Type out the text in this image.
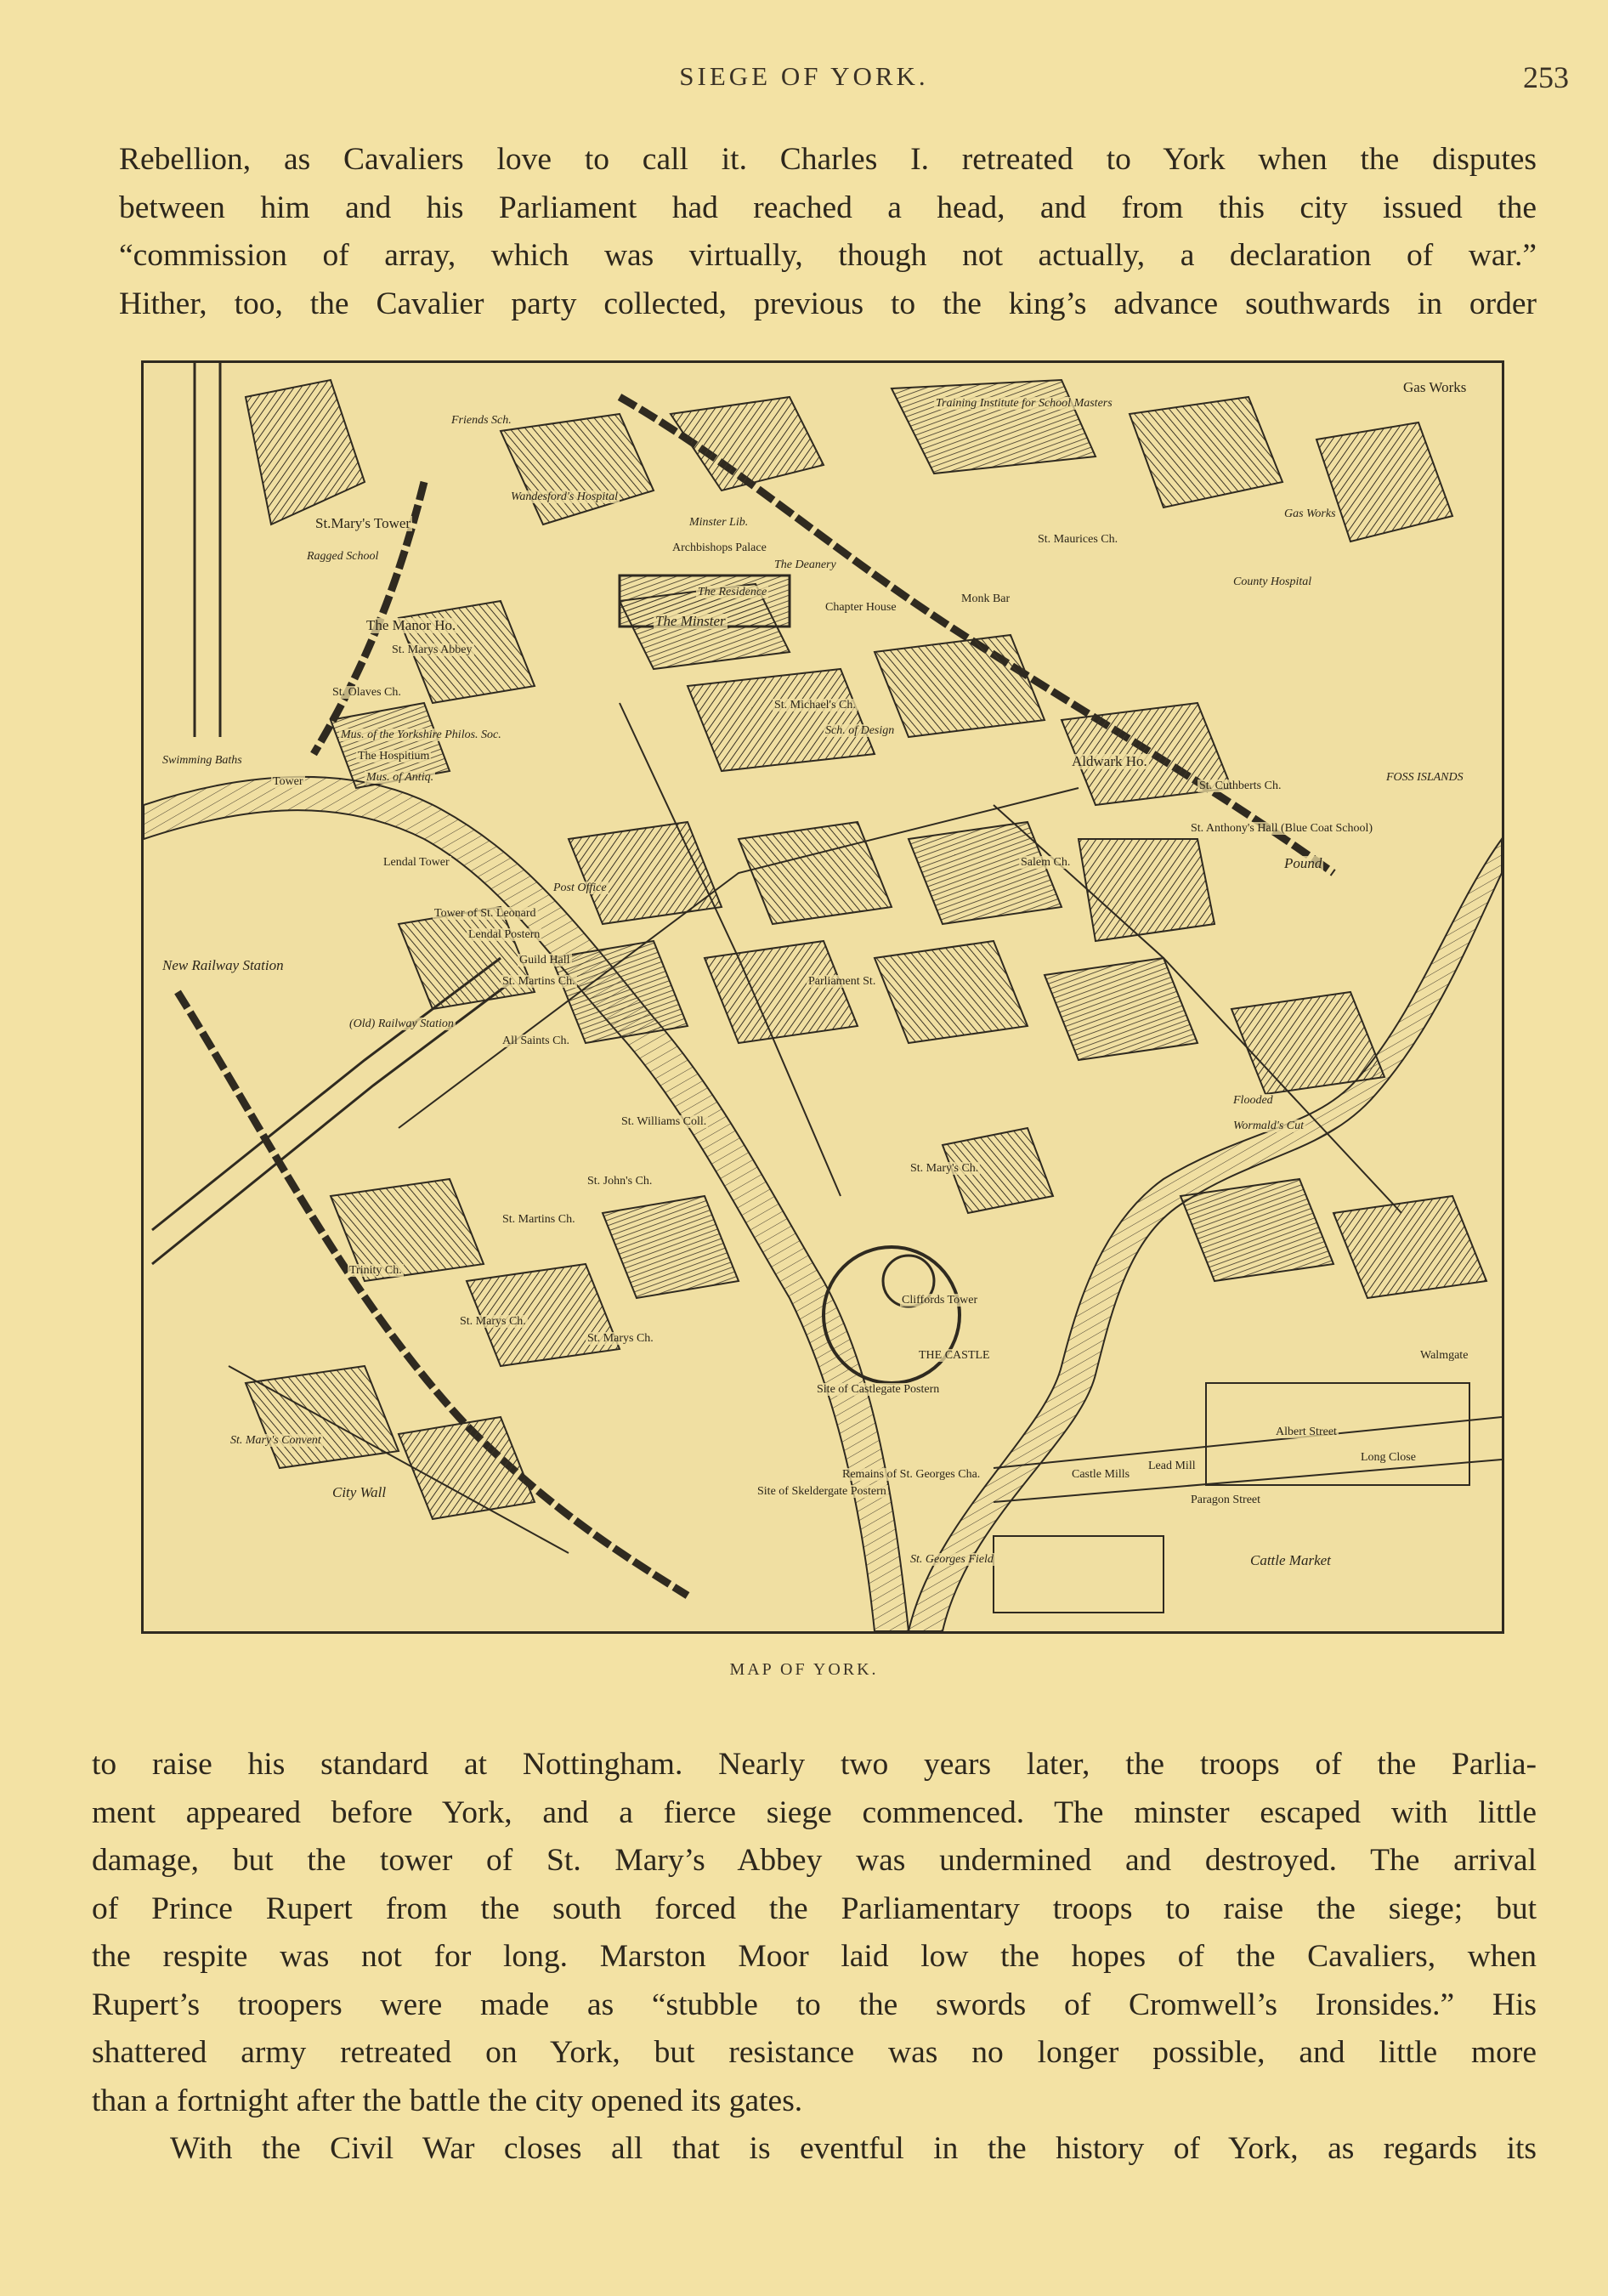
SIEGE OF YORK.	253
Rebellion, as Cavaliers love to call it. Charles I. retreated to York when the disputes
between him and his Parliament had reached a head, and from this city issued the
“commission of array, which was virtually, though not actually, a declaration of war.”
Hither, too, the Cavalier party collected, previous to the king’s advance southwards in order
Gas Works
Friends Sch.
Training Institute for School Masters
St.Mary's Tower
Wandesford's Hospital
Minster Lib.
Archbishops Palace
The Deanery
The Residence
Chapter House
The Minster
Ragged School
The Manor Ho.
St. Marys Abbey
St. Olaves Ch.
Mus. of the Yorkshire Philos. Soc.
The Hospitium
Mus. of Antiq.
Swimming Baths
Tower
St. Michael's Ch.
Sch. of Design
Monk Bar
St. Maurices Ch.
County Hospital
Gas Works
Aldwark Ho.
St. Cuthberts Ch.
St. Anthony's Hall (Blue Coat School)
Pound
FOSS ISLANDS
Salem Ch.
Lendal Tower
Post Office
Tower of St. Leonard
Lendal Postern
Guild Hall
St. Martins Ch.
New Railway Station
(Old) Railway Station
All Saints Ch.
St. Williams Coll.
St. John's Ch.
St. Mary's Ch.
St. Martins Ch.
Trinity Ch.
St. Marys Ch.
St. Marys Ch.
Cliffords Tower
THE CASTLE
Site of Castlegate Postern
Remains of St. Georges Cha.
Site of Skeldergate Postern
St. Georges Field
St. Mary's Convent
Castle Mills
Walmgate
Cattle Market
Flooded
Wormald's Cut
City Wall
Lead Mill
Albert Street
Long Close
Paragon Street
Parliament St.
MAP OF YORK.
to raise his standard at Nottingham. Nearly two years later, the troops of the Parlia-
ment appeared before York, and a fierce siege commenced. The minster escaped with little
damage, but the tower of St. Mary’s Abbey was undermined and destroyed. The arrival
of Prince Rupert from the south forced the Parliamentary troops to raise the siege; but
the respite was not for long. Marston Moor laid low the hopes of the Cavaliers, when
Rupert’s troopers were made as “stubble to the swords of Cromwell’s Ironsides.” His
shattered army retreated on York, but resistance was no longer possible, and little more
than a fortnight after the battle the city opened its gates.
With the Civil War closes all that is eventful in the history of York, as regards its
